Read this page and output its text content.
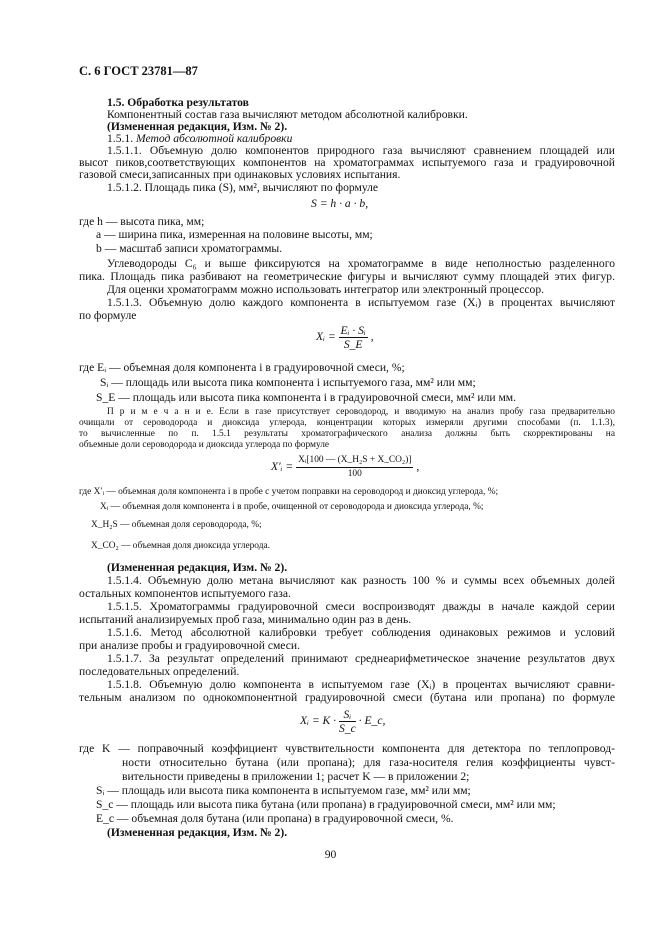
С. 6 ГОСТ 23781—87
1.5. Обработка результатов
Компонентный состав газа вычисляют методом абсолютной калибровки.
(Измененная редакция, Изм. № 2).
1.5.1. Метод абсолютной калибровки
1.5.1.1. Объемную долю компонентов природного газа вычисляют сравнением площадей или
высот пиков,соответствующих компонентов на хроматограммах испытуемого газа и градуировочной
газовой смеси,записанных при одинаковых условиях испытания.
1.5.1.2. Площадь пика (S), мм², вычисляют по формуле
S = h · a · b,
где h — высота пика, мм;
a — ширина пика, измеренная на половине высоты, мм;
b — масштаб записи хроматограммы.
Углеводороды C₆ и выше фиксируются на хроматограмме в виде неполностью разделенного
пика. Площадь пика разбивают на геометрические фигуры и вычисляют сумму площадей этих фигур.
Для оценки хроматограмм можно использовать интегратор или электронный процессор.
1.5.1.3. Объемную долю каждого компонента в испытуемом газе (Xᵢ) в процентах вычисляют
по формуле
Xᵢ = $\frac{\text{Eᵢ · Sᵢ}}{S\_E}$ ,
где Eᵢ — объемная доля компонента i в градуировочной смеси, %;
Sᵢ — площадь или высота пика компонента i испытуемого газа, мм² или мм;
S_E — площадь или высота пика компонента i в градуировочной смеси, мм² или мм.
П р и м е ч а н и е. Если в газе присутствует сероводород, и вводимую на анализ пробу газа предварительно
очищали от сероводорода и диоксида углерода, концентрации которых измеряли другими способами (п. 1.1.3),
то вычисленные по п. 1.5.1 результаты хроматографического анализа должны быть скорректированы на
объемные доли сероводорода и диоксида углерода по формуле
X′ᵢ = $\frac{\text{Xᵢ[100 — (X\_H₂S + X\_CO₂)]}}{100}$ ,
где X′ᵢ — объемная доля компонента i в пробе с учетом поправки на сероводород и диоксид углерода, %;
Xᵢ — объемная доля компонента i в пробе, очищенной от сероводорода и диоксида углерода, %;
X_H₂S — объемная доля сероводорода, %;
X_CO₂ — объемная доля диоксида углерода.
(Измененная редакция, Изм. № 2).
1.5.1.4. Объемную долю метана вычисляют как разность 100 % и суммы всех объемных долей
остальных компонентов испытуемого газа.
1.5.1.5. Хроматограммы градуировочной смеси воспроизводят дважды в начале каждой серии
испытаний анализируемых проб газа, минимально один раз в день.
1.5.1.6. Метод абсолютной калибровки требует соблюдения одинаковых режимов и условий
при анализе пробы и градуировочной смеси.
1.5.1.7. За результат определений принимают среднеарифметическое значение результатов двух
последовательных определений.
1.5.1.8. Объемную долю компонента в испытуемом газе (Xᵢ) в процентах вычисляют сравни-
тельным анализом по однокомпонентной градуировочной смеси (бутана или пропана) по формуле
Xᵢ = $K \cdot \frac{\text{Sᵢ}}{S\_c}$ · E_c,
где K — поправочный коэффициент чувствительности компонента для детектора по теплопровод-
ности относительно бутана (или пропана); для газа-носителя гелия коэффициенты чувст-
вительности приведены в приложении 1; расчет K — в приложении 2;
Sᵢ — площадь или высота пика компонента в испытуемом газе, мм² или мм;
S_c — площадь или высота пика бутана (или пропана) в градуировочной смеси, мм² или мм;
E_c — объемная доля бутана (или пропана) в градуировочной смеси, %.
(Измененная редакция, Изм. № 2).
90
